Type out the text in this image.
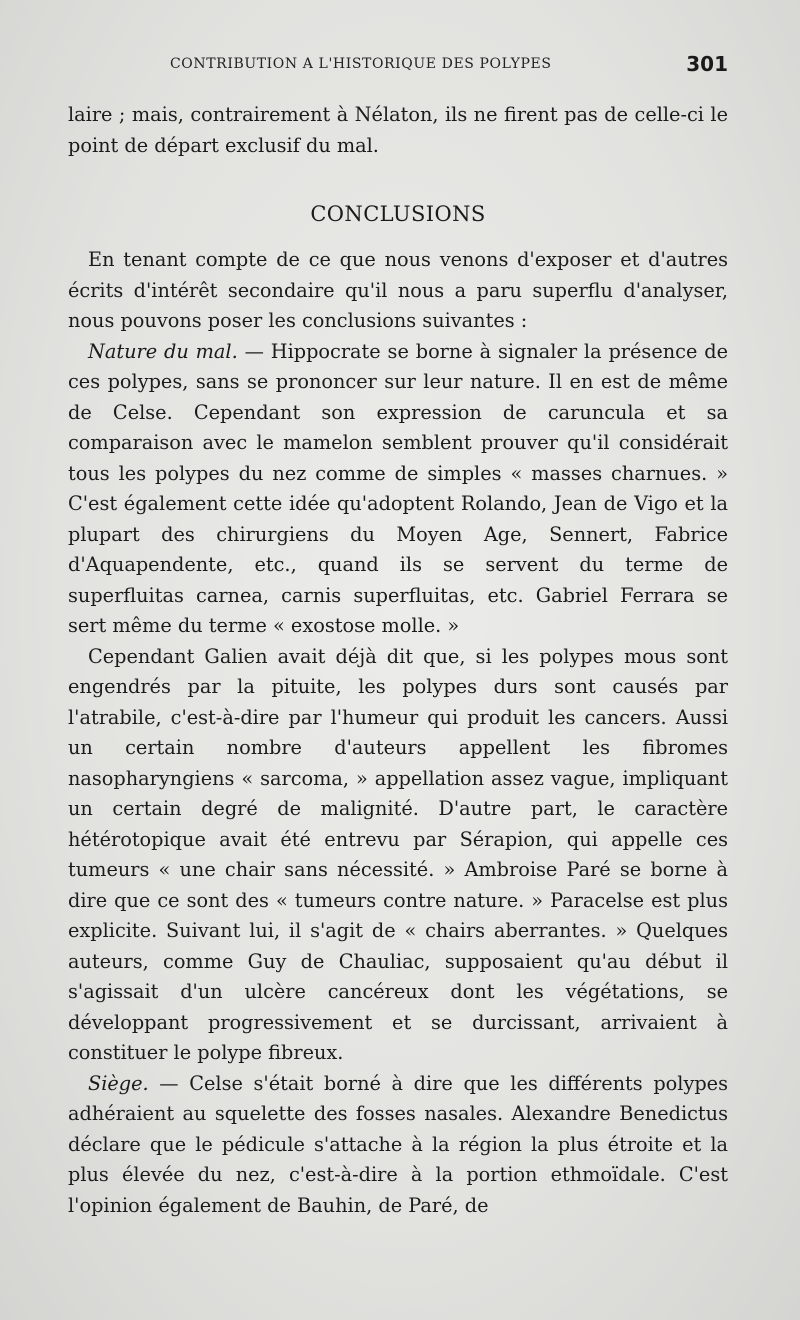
CONTRIBUTION A L'HISTORIQUE DES POLYPES	301

laire ; mais, contrairement à Nélaton, ils ne firent pas de celle-ci le point de départ exclusif du mal.

CONCLUSIONS

En tenant compte de ce que nous venons d'exposer et d'autres écrits d'intérêt secondaire qu'il nous a paru superflu d'analyser, nous pouvons poser les conclusions suivantes :

Nature du mal. — Hippocrate se borne à signaler la présence de ces polypes, sans se prononcer sur leur nature. Il en est de même de Celse. Cependant son expression de caruncula et sa comparaison avec le mamelon semblent prouver qu'il considérait tous les polypes du nez comme de simples « masses charnues. » C'est également cette idée qu'adoptent Rolando, Jean de Vigo et la plupart des chirurgiens du Moyen Age, Sennert, Fabrice d'Aquapendente, etc., quand ils se servent du terme de superfluitas carnea, carnis superfluitas, etc. Gabriel Ferrara se sert même du terme « exostose molle. »

Cependant Galien avait déjà dit que, si les polypes mous sont engendrés par la pituite, les polypes durs sont causés par l'atrabile, c'est-à-dire par l'humeur qui produit les cancers. Aussi un certain nombre d'auteurs appellent les fibromes nasopharyngiens « sarcoma, » appellation assez vague, impliquant un certain degré de malignité. D'autre part, le caractère hétérotopique avait été entrevu par Sérapion, qui appelle ces tumeurs « une chair sans nécessité. » Ambroise Paré se borne à dire que ce sont des « tumeurs contre nature. » Paracelse est plus explicite. Suivant lui, il s'agit de « chairs aberrantes. » Quelques auteurs, comme Guy de Chauliac, supposaient qu'au début il s'agissait d'un ulcère cancéreux dont les végétations, se développant progressivement et se durcissant, arrivaient à constituer le polype fibreux.

Siège. — Celse s'était borné à dire que les différents polypes adhéraient au squelette des fosses nasales. Alexandre Benedictus déclare que le pédicule s'attache à la région la plus étroite et la plus élevée du nez, c'est-à-dire à la portion ethmoïdale. C'est l'opinion également de Bauhin, de Paré, de
